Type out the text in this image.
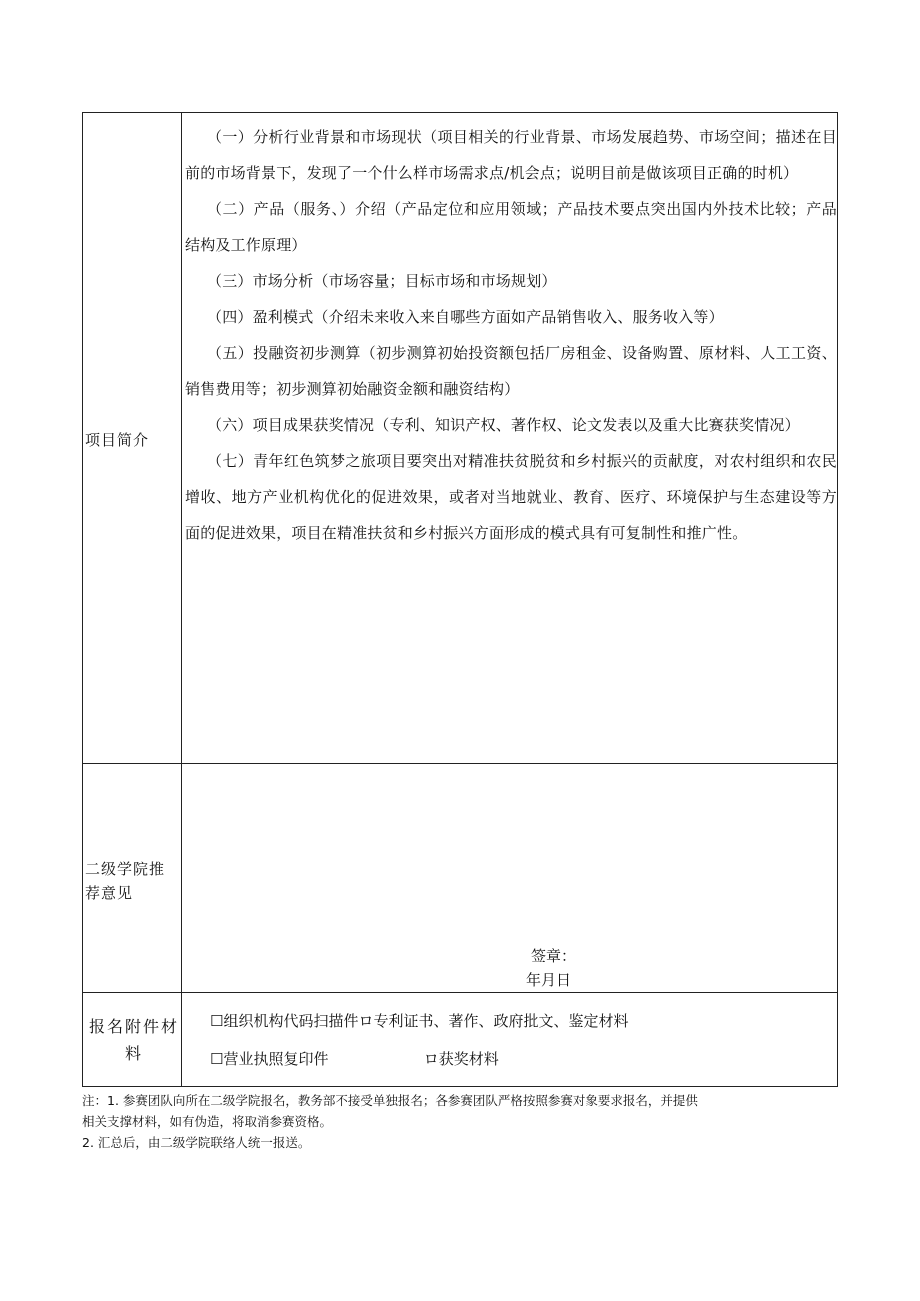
项目简介

（一）分析行业背景和市场现状（项目相关的行业背景、市场发展趋势、市场空间；描述在目前的市场背景下，发现了一个什么样市场需求点/机会点；说明目前是做该项目正确的时机）

（二）产品（服务、）介绍（产品定位和应用领域；产品技术要点突出国内外技术比较；产品结构及工作原理）

（三）市场分析（市场容量；目标市场和市场规划）

（四）盈利模式（介绍未来收入来自哪些方面如产品销售收入、服务收入等）

（五）投融资初步测算（初步测算初始投资额包括厂房租金、设备购置、原材料、人工工资、销售费用等；初步测算初始融资金额和融资结构）

（六）项目成果获奖情况（专利、知识产权、著作权、论文发表以及重大比赛获奖情况）

（七）青年红色筑梦之旅项目要突出对精准扶贫脱贫和乡村振兴的贡献度，对农村组织和农民增收、地方产业机构优化的促进效果，或者对当地就业、教育、医疗、环境保护与生态建设等方面的促进效果，项目在精准扶贫和乡村振兴方面形成的模式具有可复制性和推广性。

二级学院推荐意见
签章：
年月日
报名附件材料
☐组织机构代码扫描件ロ专利证书、著作、政府批文、鉴定材料
☐营业执照复印件                    ロ获奖材料
注：1. 参赛团队向所在二级学院报名，教务部不接受单独报名；各参赛团队严格按照参赛对象要求报名，并提供
相关支撑材料，如有伪造，将取消参赛资格。
2. 汇总后，由二级学院联络人统一报送。
